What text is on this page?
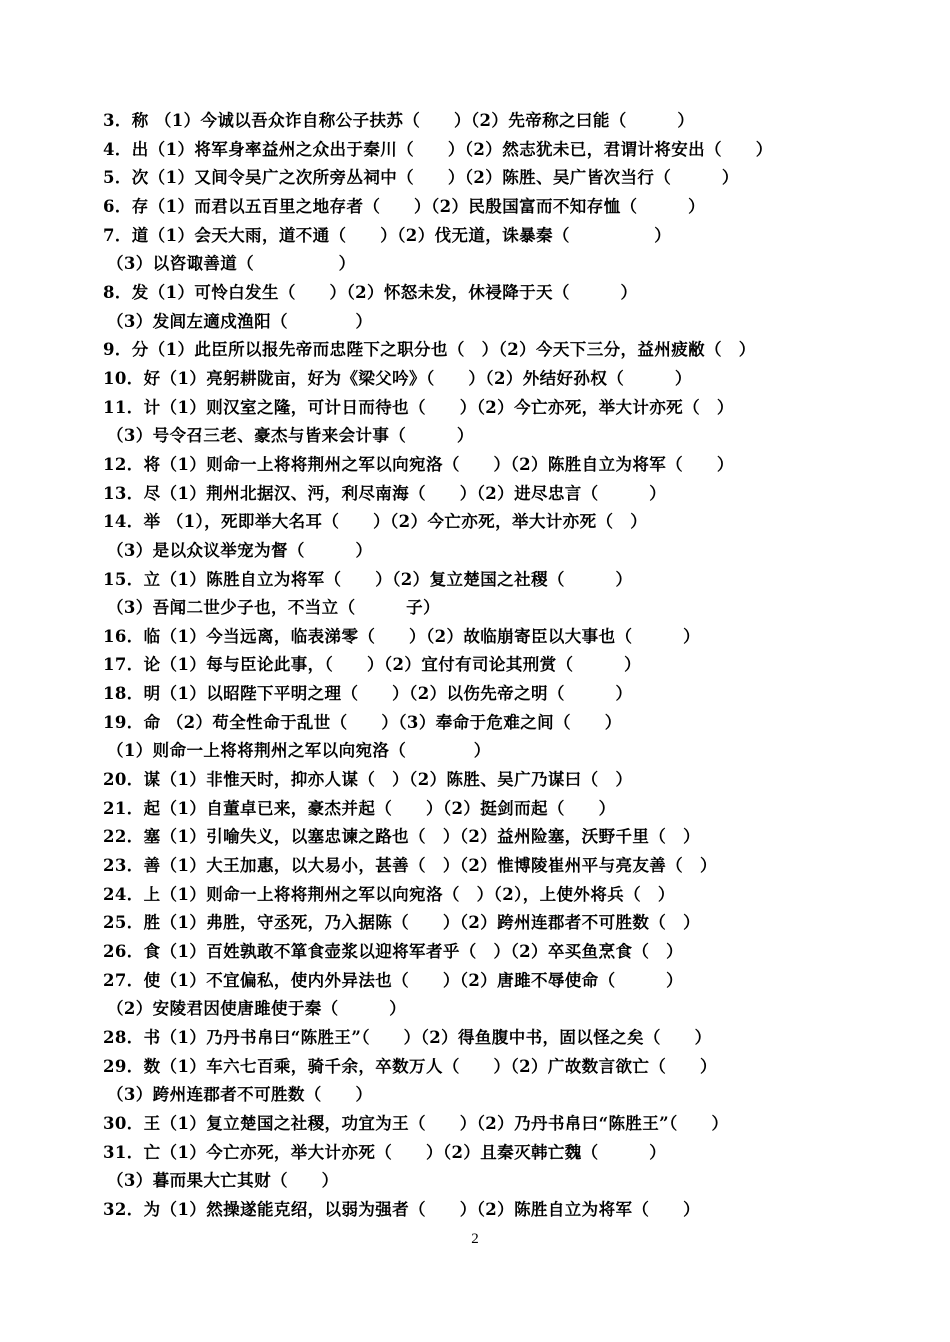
3．称 （1）今诚以吾众诈自称公子扶苏（　　）（2）先帝称之曰能（　　　）
4．出（1）将军身率益州之众出于秦川（　　）（2）然志犹未已，君谓计将安出（　　）
5．次（1）又间令吴广之次所旁丛祠中（　　）（2）陈胜、吴广皆次当行（　　　）
6．存（1）而君以五百里之地存者（　　）（2）民殷国富而不知存恤（　　　）
7．道（1）会天大雨，道不通（　　）（2）伐无道，诛暴秦（　　　　　）
（3）以咨诹善道（　　　　　）
8．发（1）可怜白发生（　　）（2）怀怒未发，休祲降于天（　　　）
（3）发闾左適戍渔阳（　　　　）
9．分（1）此臣所以报先帝而忠陛下之职分也（　）（2）今天下三分，益州疲敝（　）
10．好（1）亮躬耕陇亩，好为《梁父吟》（　　）（2）外结好孙权（　　　）
11．计（1）则汉室之隆，可计日而待也（　　）（2）今亡亦死，举大计亦死（　）
（3）号令召三老、豪杰与皆来会计事（　　　）
12．将（1）则命一上将将荆州之军以向宛洛（　　）（2）陈胜自立为将军（　　）
13．尽（1）荆州北据汉、沔，利尽南海（　　）（2）进尽忠言（　　　）
14．举 （1），死即举大名耳（　　）（2）今亡亦死，举大计亦死（　）
（3）是以众议举宠为督（　　　）
15．立（1）陈胜自立为将军（　　）（2）复立楚国之社稷（　　　）
（3）吾闻二世少子也，不当立（　　　子）
16．临（1）今当远离，临表涕零（　　）（2）故临崩寄臣以大事也（　　　）
17．论（1）每与臣论此事，（　　）（2）宜付有司论其刑赏（　　　）
18．明（1）以昭陛下平明之理（　　）（2）以伤先帝之明（　　　）
19．命 （2）苟全性命于乱世（　　）（3）奉命于危难之间（　　）
（1）则命一上将将荆州之军以向宛洛（　　　　）
20．谋（1）非惟天时，抑亦人谋（　）（2）陈胜、吴广乃谋曰（　）
21．起（1）自董卓已来，豪杰并起（　　）（2）挺剑而起（　　）
22．塞（1）引喻失义，以塞忠谏之路也（　）（2）益州险塞，沃野千里（　）
23．善（1）大王加惠，以大易小，甚善（　）（2）惟博陵崔州平与亮友善（　）
24．上（1）则命一上将将荆州之军以向宛洛（　）（2），上使外将兵（　）
25．胜（1）弗胜，守丞死，乃入据陈（　　）（2）跨州连郡者不可胜数（　）
26．食（1）百姓孰敢不箪食壶浆以迎将军者乎（　）（2）卒买鱼烹食（　）
27．使（1）不宜偏私，使内外异法也（　　）（2）唐雎不辱使命（　　　）
（2）安陵君因使唐雎使于秦（　　　）
28．书（1）乃丹书帛曰“陈胜王”（　　）（2）得鱼腹中书，固以怪之矣（　　）
29．数（1）车六七百乘，骑千余，卒数万人（　　）（2）广故数言欲亡（　　）
（3）跨州连郡者不可胜数（　　）
30．王（1）复立楚国之社稷，功宜为王（　　）（2）乃丹书帛曰“陈胜王”（　　）
31．亡（1）今亡亦死，举大计亦死（　　）（2）且秦灭韩亡魏（　　　）
（3）暮而果大亡其财（　　）
32．为（1）然操遂能克绍，以弱为强者（　　）（2）陈胜自立为将军（　　）
2
